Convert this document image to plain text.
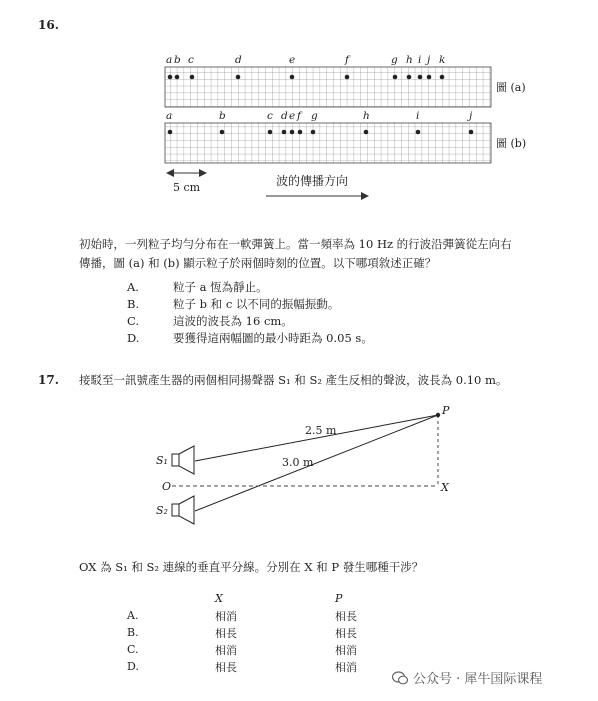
16.
a b c	d	e	f	g h i j k
a	b	c d e f g	h	i	j
圖 (a)
圖 (b)
5 cm	波的傳播方向
初始時，一列粒子均勻分布在一軟彈簧上。當一頻率為 10 Hz 的行波沿彈簧從左向右
傳播，圖 (a) 和 (b) 顯示粒子於兩個時刻的位置。以下哪項敘述正確？
A.	粒子 a 恆為靜止。
B.	粒子 b 和 c 以不同的振幅振動。
C.	這波的波長為 16 cm。
D.	要獲得這兩幅圖的最小時距為 0.05 s。
17. 接駁至一訊號產生器的兩個相同揚聲器 S₁ 和 S₂ 產生反相的聲波，波長為 0.10 m。
P
X
O
S₁
S₂
2.5 m
3.0 m
OX 為 S₁ 和 S₂ 連線的垂直平分線。分別在 X 和 P 發生哪種干涉？
	X	P
A.	相消	相長
B.	相長	相長
C.	相消	相消
D.	相長	相消
公众号 · 犀牛国际课程
